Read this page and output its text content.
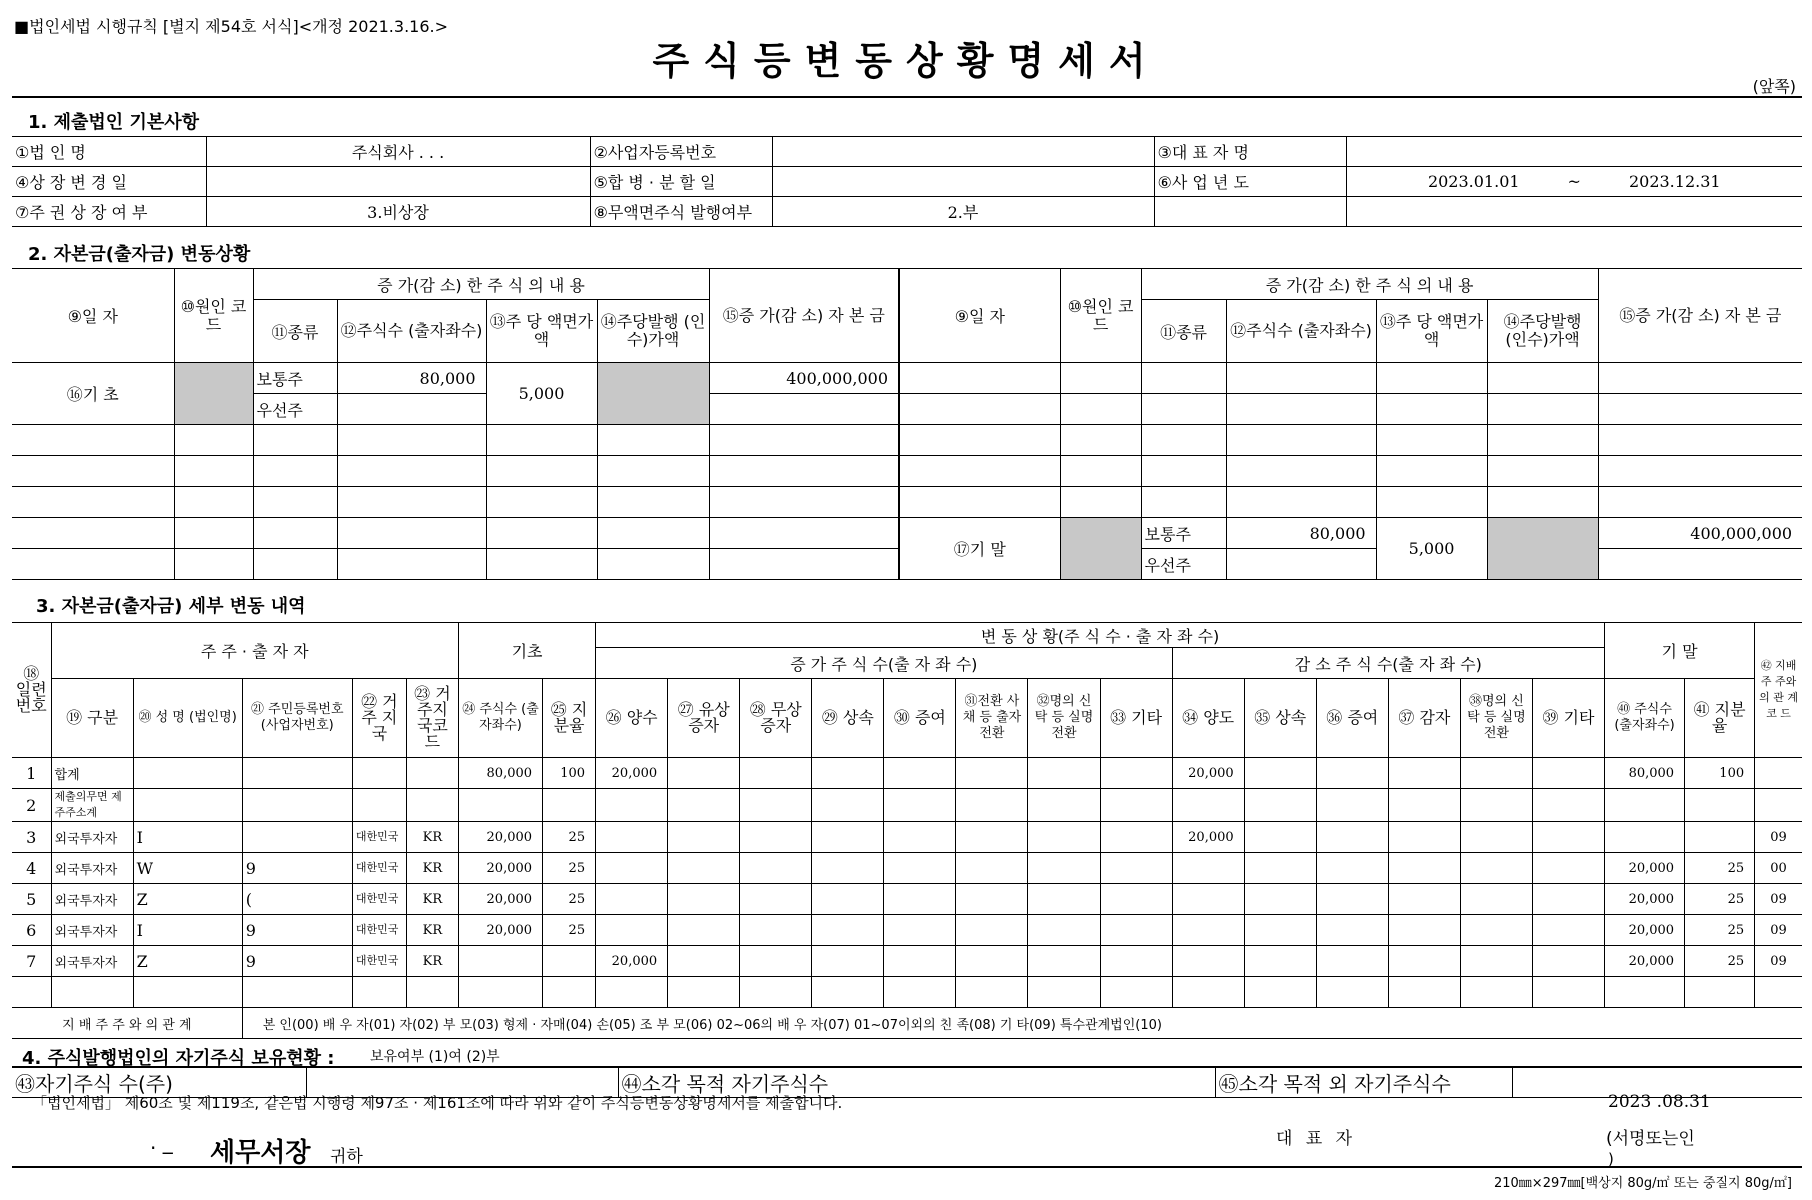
■법인세법 시행규칙 [별지 제54호 서식]<개정 2021.3.16.>
주식등변동상황명세서
(앞쪽)
1. 제출법인 기본사항
①법 인 명	주식회사 . . .	②사업자등록번호		③대 표 자 명	
④상 장 변 경 일		⑤합 병 · 분 할 일		⑥사 업 년 도	2023.01.01 ~ 2023.12.31
⑦주 권 상 장 여 부	3.비상장	⑧무액면주식 발행여부	2.부		
2. 자본금(출자금) 변동상황
⑨일 자	⑩원인 코드	증 가(감 소) 한 주 식 의 내 용				⑮증 가(감 소) 자 본 금	⑨일 자	⑩원인 코드	증 가(감 소) 한 주 식 의 내 용				⑮증 가(감 소) 자 본 금
		⑪종류	⑫주식수 (출자좌수)	⑬주 당 액면가액	⑭주당발행 (인수)가액				⑪종류	⑫주식수 (출자좌수)	⑬주 당 액면가액	⑭주당발행 (인수)가액	
⑯기 초		보통주	80,000	5,000		400,000,000							
		우선주											

							⑰기 말		보통주	80,000	5,000		400,000,000
									우선주				
3. 자본금(출자금) 세부 변동 내역
⑱ 일련 번호	주 주 · 출 자 자					기초		변 동 상 황(주 식 수 · 출 자 좌 수)														기 말		㊷ 지배주 주와의 관 계 코 드
								증 가 주 식 수(출 자 좌 수)								감 소 주 식 수(출 자 좌 수)								
	⑲ 구분	⑳ 성 명 (법인명)	㉑ 주민등록번호 (사업자번호)	㉒ 거주 지국	㉓ 거주지 국코드	㉔ 주식수 (출자좌수)	㉕ 지분율	㉖ 양수	㉗ 유상증자	㉘ 무상증자	㉙ 상속	㉚ 증여	㉛전환 사채 등 출자전환	㉜명의 신탁 등 실명전환	㉝ 기타	㉞ 양도	㉟ 상속	㊱ 증여	㊲ 감자	㊳명의 신탁 등 실명전환	㊴ 기타	㊵ 주식수 (출자좌수)	㊶ 지분율	
1	합계					80,000	100	20,000								20,000						80,000	100	
2	제출의무면 제주주소계																							
3	외국투자자	I		대한민국	KR	20,000	25									20,000								09
4	외국투자자	W	9	대한민국	KR	20,000	25															20,000	25	00
5	외국투자자	Z	(	대한민국	KR	20,000	25															20,000	25	09
6	외국투자자	I	9	대한민국	KR	20,000	25															20,000	25	09
7	외국투자자	Z	9	대한민국	KR			20,000														20,000	25	09

지 배 주 주 와 의 관 계			본 인(00) 배 우 자(01) 자(02) 부 모(03) 형제 · 자매(04) 손(05) 조 부 모(06) 02~06의 배 우 자(07) 01~07이외의 친 족(08) 기 타(09) 특수관계법인(10)																					
4. 주식발행법인의 자기주식 보유현황 :	보유여부 (1)여 (2)부
㊸자기주식 수(주)		㊹소각 목적 자기주식수	㊺소각 목적 외 자기주식수	
「법인세법」 제60조 및 제119조, 같은법 시행령 제97조 · 제161조에 따라 위와 같이 주식등변동상황명세서를 제출합니다.	2023 .08.31
대 표 자	(서명또는인
)
. _ 세무서장 귀하
210㎜×297㎜[백상지 80g/㎡ 또는 중질지 80g/㎡]
